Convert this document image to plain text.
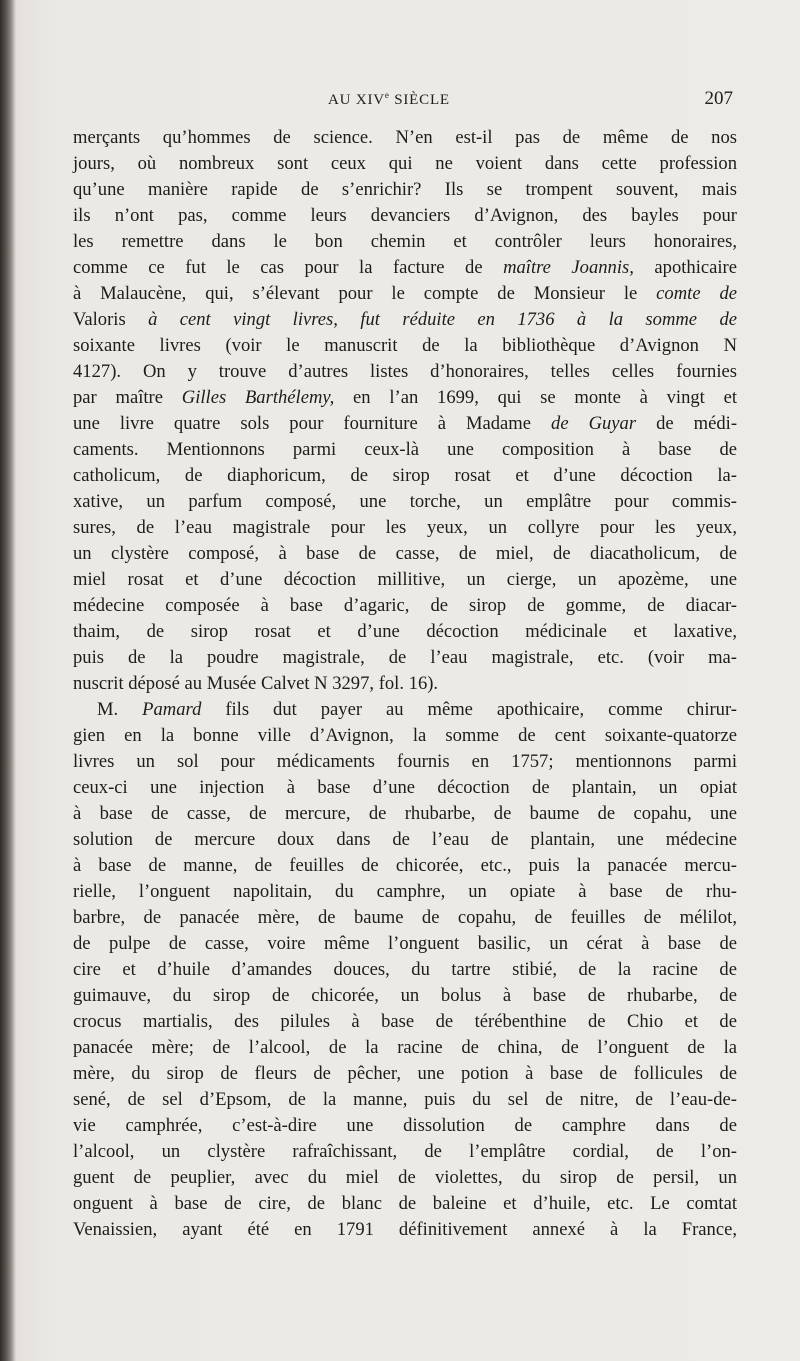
AU XIVe SIÈCLE	207
merçants qu’hommes de science. N’en est-il pas de même de nos
jours, où nombreux sont ceux qui ne voient dans cette profession
qu’une manière rapide de s’enrichir? Ils se trompent souvent, mais
ils n’ont pas, comme leurs devanciers d’Avignon, des bayles pour
les remettre dans le bon chemin et contrôler leurs honoraires,
comme ce fut le cas pour la facture de maître Joannis, apothicaire
à Malaucène, qui, s’élevant pour le compte de Monsieur le comte de
Valoris à cent vingt livres, fut réduite en 1736 à la somme de
soixante livres (voir le manuscrit de la bibliothèque d’Avignon N
4127). On y trouve d’autres listes d’honoraires, telles celles fournies
par maître Gilles Barthélemy, en l’an 1699, qui se monte à vingt et
une livre quatre sols pour fourniture à Madame de Guyar de médi-
caments. Mentionnons parmi ceux-là une composition à base de
catholicum, de diaphoricum, de sirop rosat et d’une décoction la-
xative, un parfum composé, une torche, un emplâtre pour commis-
sures, de l’eau magistrale pour les yeux, un collyre pour les yeux,
un clystère composé, à base de casse, de miel, de diacatholicum, de
miel rosat et d’une décoction millitive, un cierge, un apozème, une
médecine composée à base d’agaric, de sirop de gomme, de diacar-
thaim, de sirop rosat et d’une décoction médicinale et laxative,
puis de la poudre magistrale, de l’eau magistrale, etc. (voir ma-
nuscrit déposé au Musée Calvet N 3297, fol. 16).
M. Pamard fils dut payer au même apothicaire, comme chirur-
gien en la bonne ville d’Avignon, la somme de cent soixante-quatorze
livres un sol pour médicaments fournis en 1757; mentionnons parmi
ceux-ci une injection à base d’une décoction de plantain, un opiat
à base de casse, de mercure, de rhubarbe, de baume de copahu, une
solution de mercure doux dans de l’eau de plantain, une médecine
à base de manne, de feuilles de chicorée, etc., puis la panacée mercu-
rielle, l’onguent napolitain, du camphre, un opiate à base de rhu-
barbre, de panacée mère, de baume de copahu, de feuilles de mélilot,
de pulpe de casse, voire même l’onguent basilic, un cérat à base de
cire et d’huile d’amandes douces, du tartre stibié, de la racine de
guimauve, du sirop de chicorée, un bolus à base de rhubarbe, de
crocus martialis, des pilules à base de térébenthine de Chio et de
panacée mère; de l’alcool, de la racine de china, de l’onguent de la
mère, du sirop de fleurs de pêcher, une potion à base de follicules de
sené, de sel d’Epsom, de la manne, puis du sel de nitre, de l’eau-de-
vie camphrée, c’est-à-dire une dissolution de camphre dans de
l’alcool, un clystère rafraîchissant, de l’emplâtre cordial, de l’on-
guent de peuplier, avec du miel de violettes, du sirop de persil, un
onguent à base de cire, de blanc de baleine et d’huile, etc. Le comtat
Venaissien, ayant été en 1791 définitivement annexé à la France,
